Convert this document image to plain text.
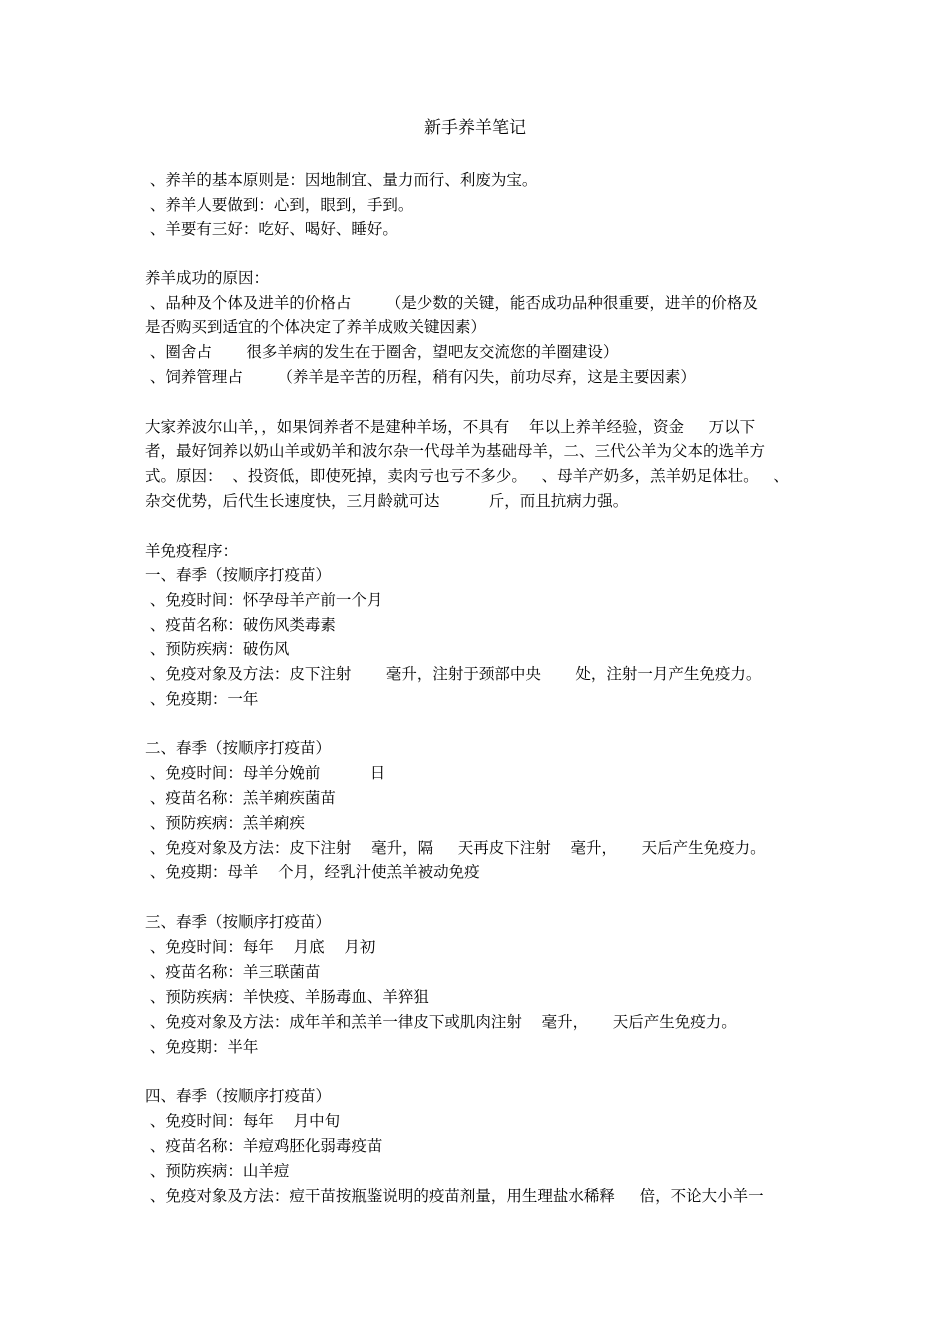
新手养羊笔记
、养羊的基本原则是：因地制宜、量力而行、利废为宝。
、养羊人要做到：心到，眼到，手到。
、羊要有三好：吃好、喝好、睡好。
养羊成功的原因：
、品种及个体及进羊的价格占       （是少数的关键，能否成功品种很重要，进羊的价格及
是否购买到适宜的个体决定了养羊成败关键因素）
、圈舍占       很多羊病的发生在于圈舍，望吧友交流您的羊圈建设）
、饲养管理占       （养羊是辛苦的历程，稍有闪失，前功尽弃，这是主要因素）
大家养波尔山羊，，如果饲养者不是建种羊场，不具有    年以上养羊经验，资金     万以下
者，最好饲养以奶山羊或奶羊和波尔杂一代母羊为基础母羊，二、三代公羊为父本的选羊方
式。原因：  、投资低，即使死掉，卖肉亏也亏不多少。   、母羊产奶多，羔羊奶足体壮。   、
杂交优势，后代生长速度快，三月龄就可达          斤，而且抗病力强。
羊免疫程序：
一、春季（按顺序打疫苗）
、免疫时间：怀孕母羊产前一个月
、疫苗名称：破伤风类毒素
、预防疾病：破伤风
、免疫对象及方法：皮下注射       毫升，注射于颈部中央       处，注射一月产生免疫力。
、免疫期：一年
二、春季（按顺序打疫苗）
、免疫时间：母羊分娩前          日
、疫苗名称：羔羊痢疾菌苗
、预防疾病：羔羊痢疾
、免疫对象及方法：皮下注射    毫升，隔     天再皮下注射    毫升，     天后产生免疫力。
、免疫期：母羊    个月，经乳汁使羔羊被动免疫
三、春季（按顺序打疫苗）
、免疫时间：每年    月底    月初
、疫苗名称：羊三联菌苗
、预防疾病：羊快疫、羊肠毒血、羊猝狙
、免疫对象及方法：成年羊和羔羊一律皮下或肌肉注射    毫升，     天后产生免疫力。
、免疫期：半年
四、春季（按顺序打疫苗）
、免疫时间：每年    月中旬
、疫苗名称：羊痘鸡胚化弱毒疫苗
、预防疾病：山羊痘
、免疫对象及方法：痘干苗按瓶鉴说明的疫苗剂量，用生理盐水稀释     倍，不论大小羊一
